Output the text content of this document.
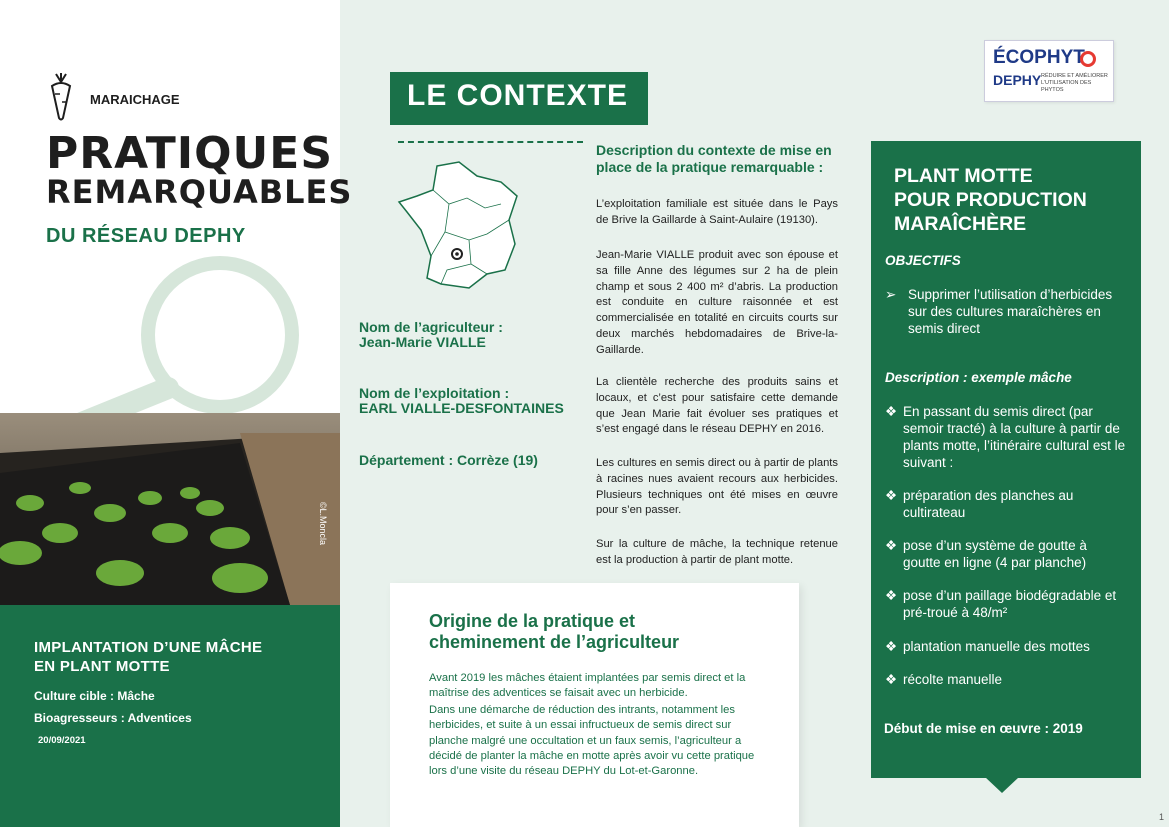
MARAICHAGE
PRATIQUES
REMARQUABLES
DU RÉSEAU DEPHY
©L.Moncla
IMPLANTATION D’UNE MÂCHE
EN PLANT MOTTE
Culture cible : Mâche
Bioagresseurs : Adventices
20/09/2021
LE CONTEXTE
Nom de l’agriculteur :
Jean-Marie VIALLE
Nom de l’exploitation :
EARL VIALLE-DESFONTAINES
Département : Corrèze (19)
Description du contexte de mise en place de la pratique remarquable :
L’exploitation familiale est située dans le Pays de Brive la Gaillarde à Saint-Aulaire (19130).
Jean-Marie VIALLE produit avec son épouse et sa fille Anne des légumes sur 2 ha de plein champ et sous 2 400 m² d’abris. La production est conduite en culture raisonnée et est commercialisée en totalité en circuits courts sur deux marchés hebdomadaires de Brive-la-Gaillarde.
La clientèle recherche des produits sains et locaux, et c’est pour satisfaire cette demande que Jean Marie fait évoluer ses pratiques et s’est engagé dans le réseau DEPHY en 2016.
Les cultures en semis direct ou à partir de plants à racines nues avaient recours aux herbicides. Plusieurs techniques ont été mises en œuvre pour s’en passer.
Sur la culture de mâche, la technique retenue est la production à partir de plant motte.
Origine de la pratique et
cheminement de l’agriculteur
Avant 2019 les mâches étaient implantées par semis direct et la maîtrise des adventices se faisait avec un herbicide.
Dans une démarche de réduction des intrants, notamment les herbicides, et suite à un essai infructueux de semis direct sur planche malgré une occultation et un faux semis, l’agriculteur a décidé de planter la mâche en motte après avoir vu cette pratique lors d’une visite du réseau DEPHY du Lot-et-Garonne.
ÉCOPHYT
DEPHY RÉDUIRE ET AMÉLIORER L’UTILISATION DES PHYTOS
PLANT MOTTE
POUR PRODUCTION
MARAÎCHÈRE
OBJECTIFS
➢ Supprimer l’utilisation d’herbicides sur des cultures maraîchères en semis direct
Description : exemple mâche
❖ En passant du semis direct (par semoir tracté) à la culture à partir de plants motte, l’itinéraire cultural est le suivant :
❖ préparation des planches au cultirateau
❖ pose d’un système de goutte à goutte en ligne (4 par planche)
❖ pose d’un paillage biodégradable et pré-troué à 48/m²
❖ plantation manuelle des mottes
❖ récolte manuelle
Début de mise en œuvre : 2019
1
